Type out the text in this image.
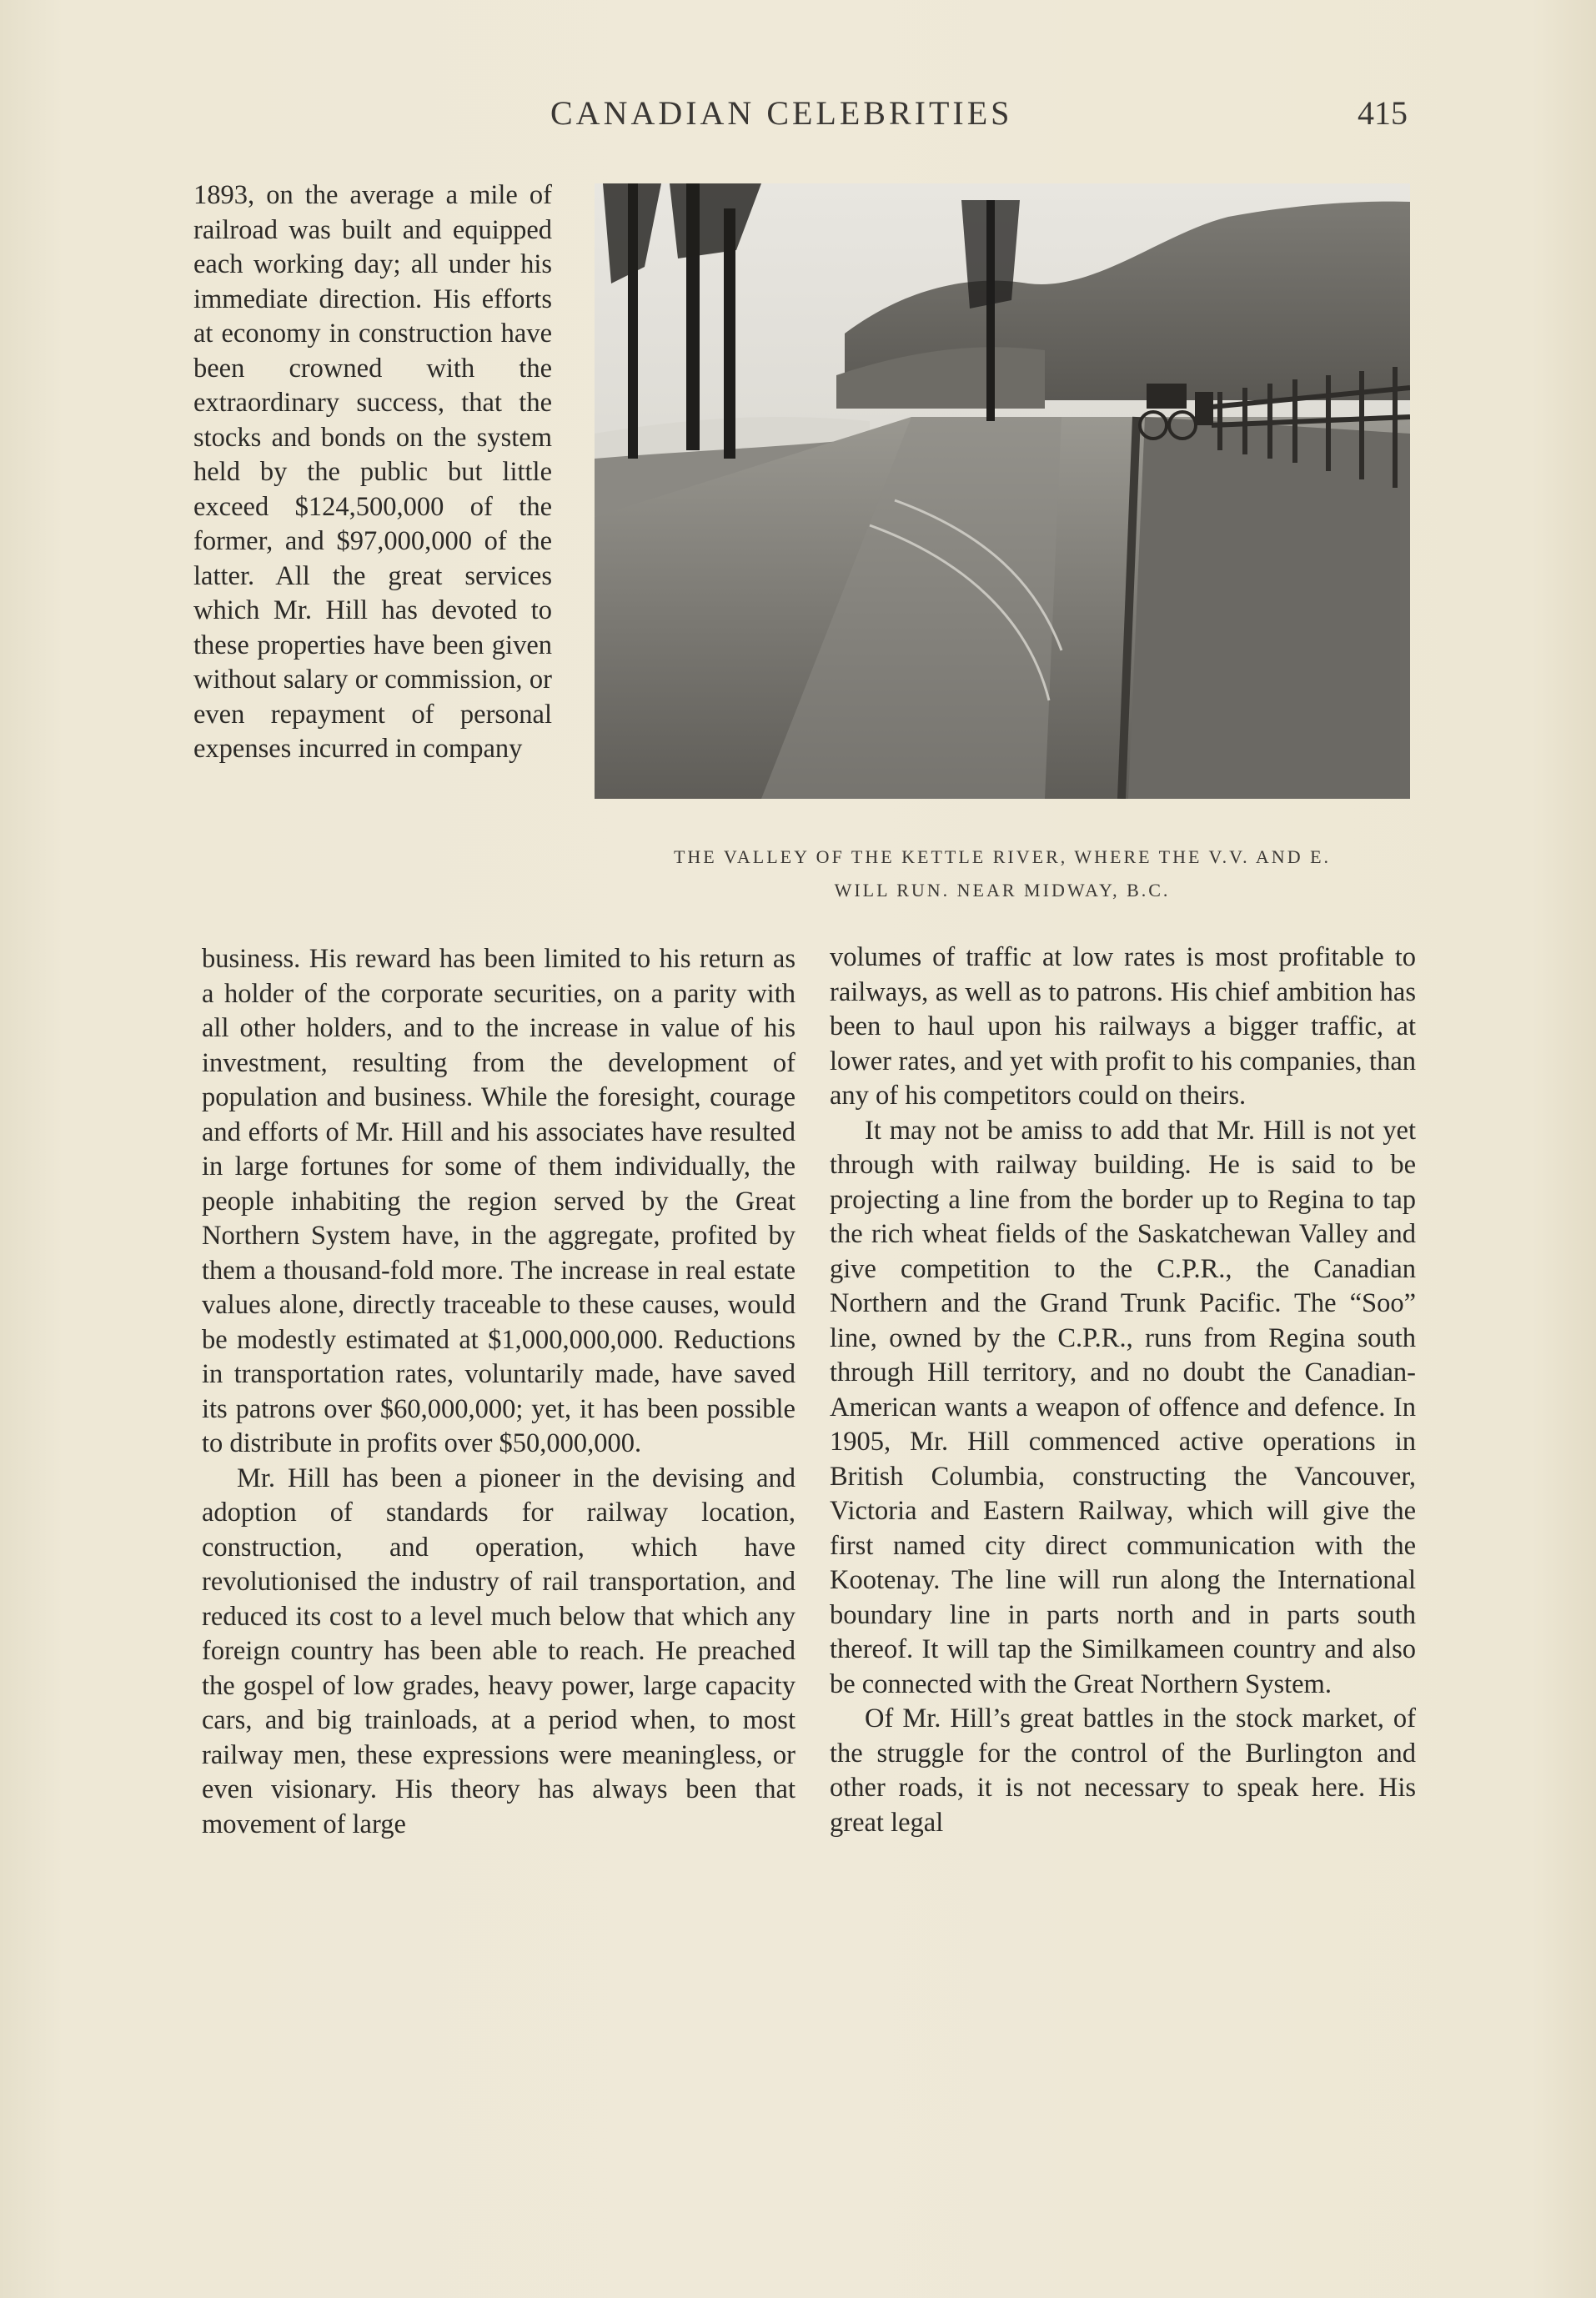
CANADIAN CELEBRITIES	415

1893, on the average a mile of railroad was built and equipped each working day; all under his immediate direction. His efforts at economy in construction have been crowned with the extraordinary success, that the stocks and bonds on the system held by the public but little exceed $124,500,000 of the former, and $97,000,000 of the latter. All the great services which Mr. Hill has devoted to these properties have been given without salary or commission, or even repayment of personal expenses incurred in company

THE VALLEY OF THE KETTLE RIVER, WHERE THE V.V. AND E.
WILL RUN. NEAR MIDWAY, B.C.

business. His reward has been limited to his return as a holder of the corporate securities, on a parity with all other holders, and to the increase in value of his investment, resulting from the development of population and business. While the foresight, courage and efforts of Mr. Hill and his associates have resulted in large fortunes for some of them individually, the people inhabiting the region served by the Great Northern System have, in the aggregate, profited by them a thousand-fold more. The increase in real estate values alone, directly traceable to these causes, would be modestly estimated at $1,000,000,000. Reductions in transportation rates, voluntarily made, have saved its patrons over $60,000,000; yet, it has been possible to distribute in profits over $50,000,000.

Mr. Hill has been a pioneer in the devising and adoption of standards for railway location, construction, and operation, which have revolutionised the industry of rail transportation, and reduced its cost to a level much below that which any foreign country has been able to reach. He preached the gospel of low grades, heavy power, large capacity cars, and big trainloads, at a period when, to most railway men, these expressions were meaningless, or even visionary. His theory has always been that movement of large

volumes of traffic at low rates is most profitable to railways, as well as to patrons. His chief ambition has been to haul upon his railways a bigger traffic, at lower rates, and yet with profit to his companies, than any of his competitors could on theirs.

It may not be amiss to add that Mr. Hill is not yet through with railway building. He is said to be projecting a line from the border up to Regina to tap the rich wheat fields of the Saskatchewan Valley and give competition to the C.P.R., the Canadian Northern and the Grand Trunk Pacific. The “Soo” line, owned by the C.P.R., runs from Regina south through Hill territory, and no doubt the Canadian-American wants a weapon of offence and defence. In 1905, Mr. Hill commenced active operations in British Columbia, constructing the Vancouver, Victoria and Eastern Railway, which will give the first named city direct communication with the Kootenay. The line will run along the International boundary line in parts north and in parts south thereof. It will tap the Similkameen country and also be connected with the Great Northern System.

Of Mr. Hill’s great battles in the stock market, of the struggle for the control of the Burlington and other roads, it is not necessary to speak here. His great legal
